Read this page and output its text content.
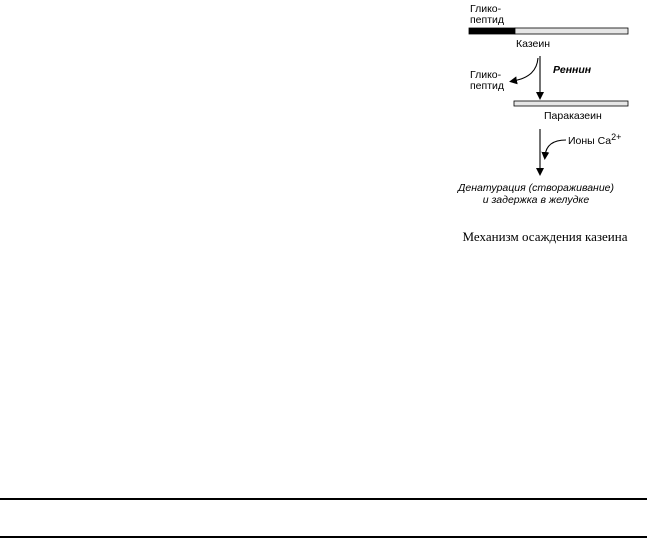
Глико-
пептид
Казеин
Глико-
пептид
Реннин
Параказеин
Ионы Ca2+
Денатурация (створаживание)
и задержка в желудке
Механизм осаждения казеина
